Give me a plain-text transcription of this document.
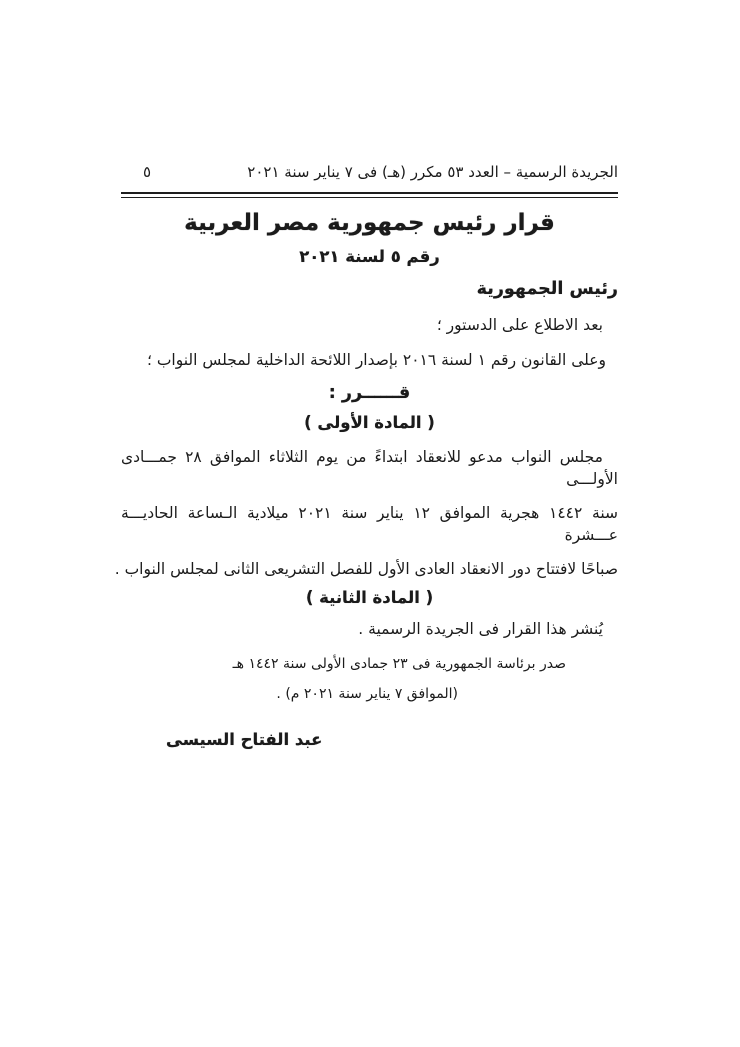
الجريدة الرسمية – العدد ٥٣ مكرر (هـ) فى ٧ يناير سنة ٢٠٢١
٥
قرار رئيس جمهورية مصر العربية
رقم ٥ لسنة ٢٠٢١
رئيس الجمهورية
بعد الاطلاع على الدستور ؛
وعلى القانون رقم ١ لسنة ٢٠١٦ بإصدار اللائحة الداخلية لمجلس النواب ؛
قــــــرر :
( المادة الأولى )
مجلس النواب مدعو للانعقاد ابتداءً من يوم الثلاثاء الموافق ٢٨ جمـــادى الأولـــى
سنة ١٤٤٢ هجرية الموافق ١٢ يناير سنة ٢٠٢١ ميلادية الـساعة الحاديـــة عـــشرة
صباحًا لافتتاح دور الانعقاد العادى الأول للفصل التشريعى الثانى لمجلس النواب .
( المادة الثانية )
يُنشر هذا القرار فى الجريدة الرسمية .
صدر برئاسة الجمهورية فى ٢٣ جمادى الأولى سنة ١٤٤٢ هـ
(الموافق ٧ يناير سنة ٢٠٢١ م) .
عبد الفتاح السيسى
